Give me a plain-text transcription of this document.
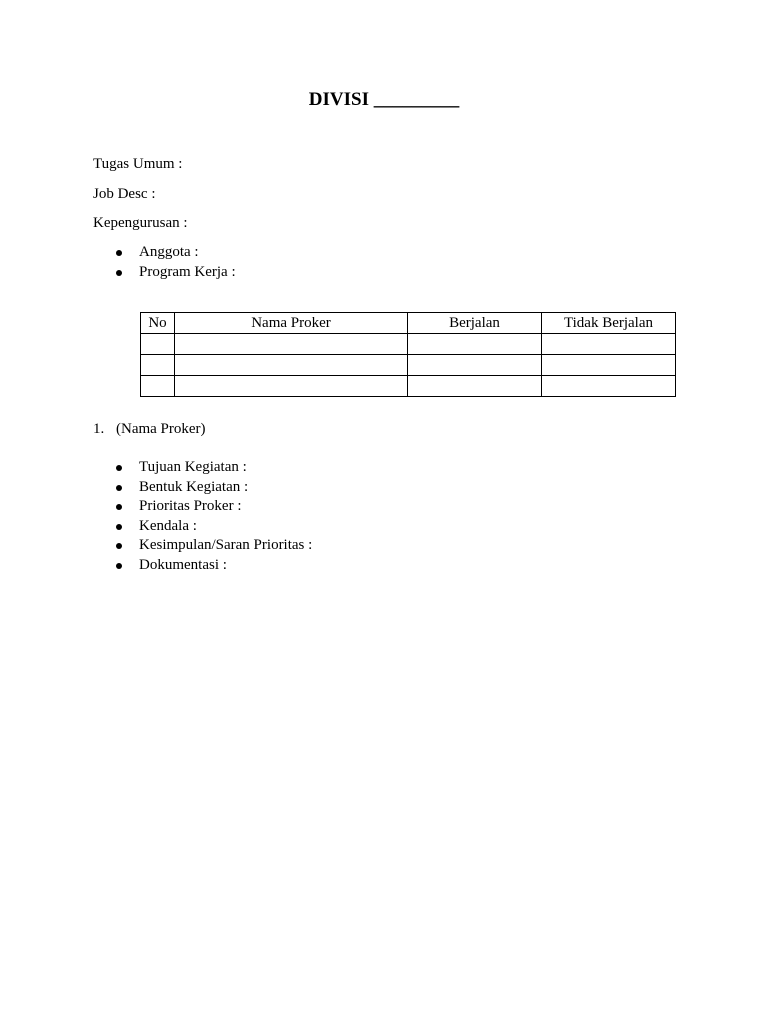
DIVISI _________

Tugas Umum :

Job Desc :

Kepengurusan :

Anggota :
Program Kerja :
No	Nama Proker	Berjalan	Tidak Berjalan

1. (Nama Proker)
Tujuan Kegiatan :
Bentuk Kegiatan :
Prioritas Proker :
Kendala :
Kesimpulan/Saran Prioritas :
Dokumentasi :
